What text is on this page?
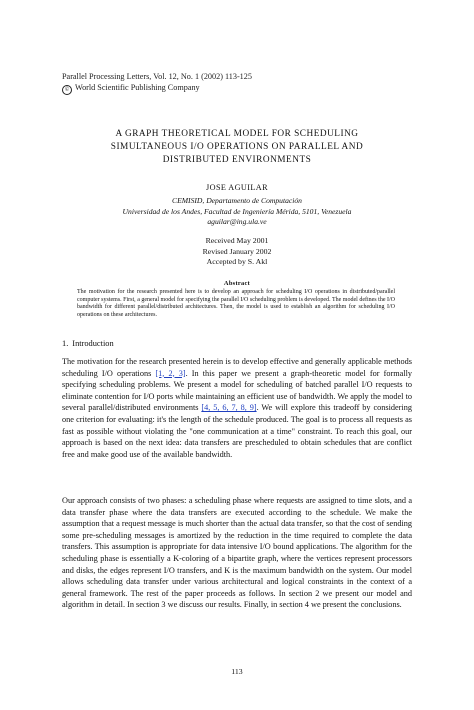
Parallel Processing Letters, Vol. 12, No. 1 (2002) 113-125
© World Scientific Publishing Company
A GRAPH THEORETICAL MODEL FOR SCHEDULING
SIMULTANEOUS I/O OPERATIONS ON PARALLEL AND
DISTRIBUTED ENVIRONMENTS
JOSE AGUILAR
CEMISID, Departamento de Computación
Universidad de los Andes, Facultad de Ingeniería Mérida, 5101, Venezuela
aguilar@ing.ula.ve
Received May 2001
Revised January 2002
Accepted by S. Akl
Abstract
The motivation for the research presented here is to develop an approach for scheduling I/O operations in distributed/parallel computer systems. First, a general model for specifying the parallel I/O scheduling problem is developed. The model defines the I/O bandwidth for different parallel/distributed architectures. Then, the model is used to establish an algorithm for scheduling I/O operations on these architectures.
1. Introduction

The motivation for the research presented herein is to develop effective and generally applicable methods scheduling I/O operations [1, 2, 3]. In this paper we present a graph-theoretic model for formally specifying scheduling problems. We present a model for scheduling of batched parallel I/O requests to eliminate contention for I/O ports while maintaining an efficient use of bandwidth. We apply the model to several parallel/distributed environments [4, 5, 6, 7, 8, 9]. We will explore this tradeoff by considering one criterion for evaluating: it's the length of the schedule produced. The goal is to process all requests as fast as possible without violating the "one communication at a time" constraint. To reach this goal, our approach is based on the next idea: data transfers are prescheduled to obtain schedules that are conflict free and make good use of the available bandwidth.

Our approach consists of two phases: a scheduling phase where requests are assigned to time slots, and a data transfer phase where the data transfers are executed according to the schedule. We make the assumption that a request message is much shorter than the actual data transfer, so that the cost of sending some pre-scheduling messages is amortized by the reduction in the time required to complete the data transfers. This assumption is appropriate for data intensive I/O bound applications. The algorithm for the scheduling phase is essentially a K-coloring of a bipartite graph, where the vertices represent processors and disks, the edges represent I/O transfers, and K is the maximum bandwidth on the system. Our model allows scheduling data transfer under various architectural and logical constraints in the context of a general framework. The rest of the paper proceeds as follows. In section 2 we present our model and algorithm in detail. In section 3 we discuss our results. Finally, in section 4 we present the conclusions.

113
